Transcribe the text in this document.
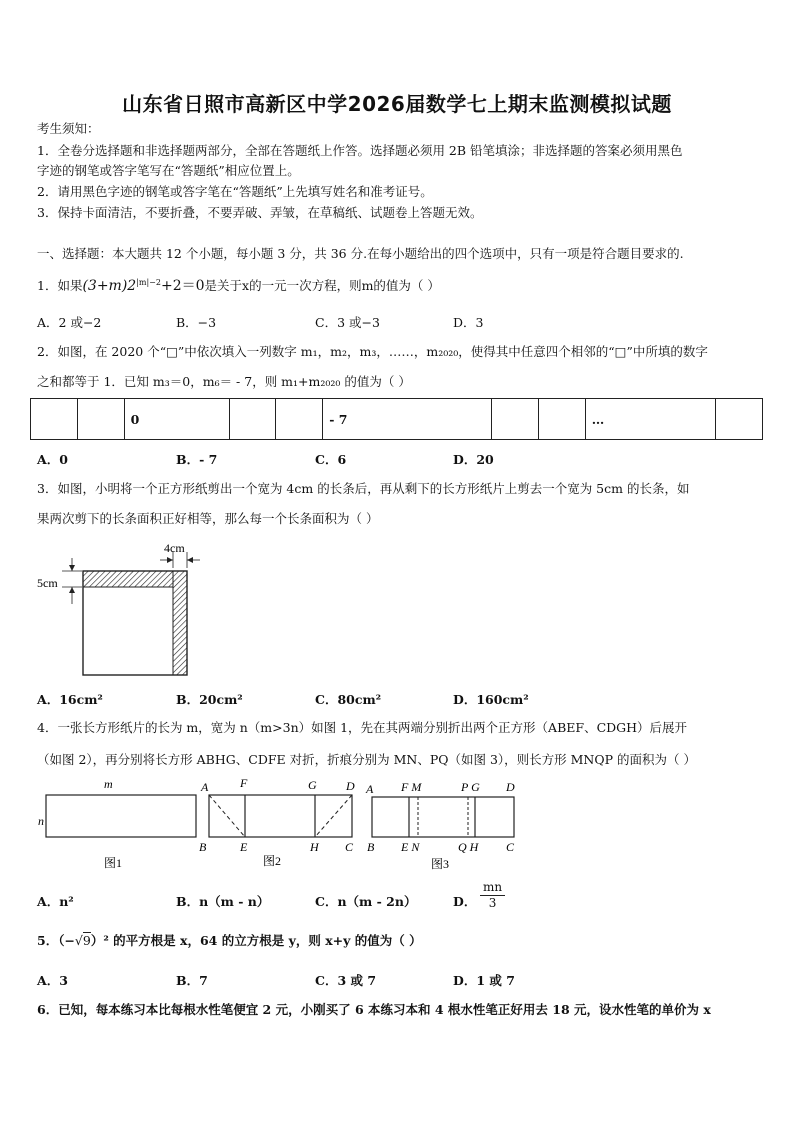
山东省日照市高新区中学2026届数学七上期末监测模拟试题
考生须知：
1．全卷分选择题和非选择题两部分，全部在答题纸上作答。选择题必须用 2B 铅笔填涂；非选择题的答案必须用黑色
字迹的钢笔或答字笔写在“答题纸”相应位置上。
2．请用黑色字迹的钢笔或答字笔在“答题纸”上先填写姓名和准考证号。
3．保持卡面清洁，不要折叠，不要弄破、弄皱，在草稿纸、试题卷上答题无效。
一、选择题：本大题共 12 个小题，每小题 3 分，共 36 分.在每小题给出的四个选项中，只有一项是符合题目要求的.
1．如果$(3+m)2^{|m|-2}+2=0$是关于x的一元一次方程，则m的值为（ ）
A．2 或−2	B．−3	C．3 或−3	D．3
2．如图，在 2020 个“□”中依次填入一列数字 m₁，m₂，m₃，……，m₂₀₂₀，使得其中任意四个相邻的“□”中所填的数字
之和都等于 1．已知 m₃＝0，m₆＝ - 7，则 m₁+m₂₀₂₀ 的值为（ ）
		0			- 7			…	
A．0	B．- 7	C．6	D．20
3．如图，小明将一个正方形纸剪出一个宽为 4cm 的长条后，再从剩下的长方形纸片上剪去一个宽为 5cm 的长条，如
果两次剪下的长条面积正好相等，那么每一个长条面积为（ ）
4cm
5cm
A．16cm²	B．20cm²	C．80cm²	D．160cm²
4．一张长方形纸片的长为 m，宽为 n（m>3n）如图 1，先在其两端分别折出两个正方形（ABEF、CDGH）后展开
（如图 2），再分别将长方形 ABHG、CDFE 对折，折痕分别为 MN、PQ（如图 3），则长方形 MNQP 的面积为（ ）
m
n
图1
A	F	G D
B	E	H C
图2
A F M	P G D
B E N	Q H C
图3
A．n²	B．n（m - n）	C．n（m - 2n）	D． $\frac{mn}{3}$
5．（−√9）² 的平方根是 x，64 的立方根是 y，则 x+y 的值为（ ）
A．3	B．7	C．3 或 7	D．1 或 7
6．已知，每本练习本比每根水性笔便宜 2 元，小刚买了 6 本练习本和 4 根水性笔正好用去 18 元，设水性笔的单价为 x
